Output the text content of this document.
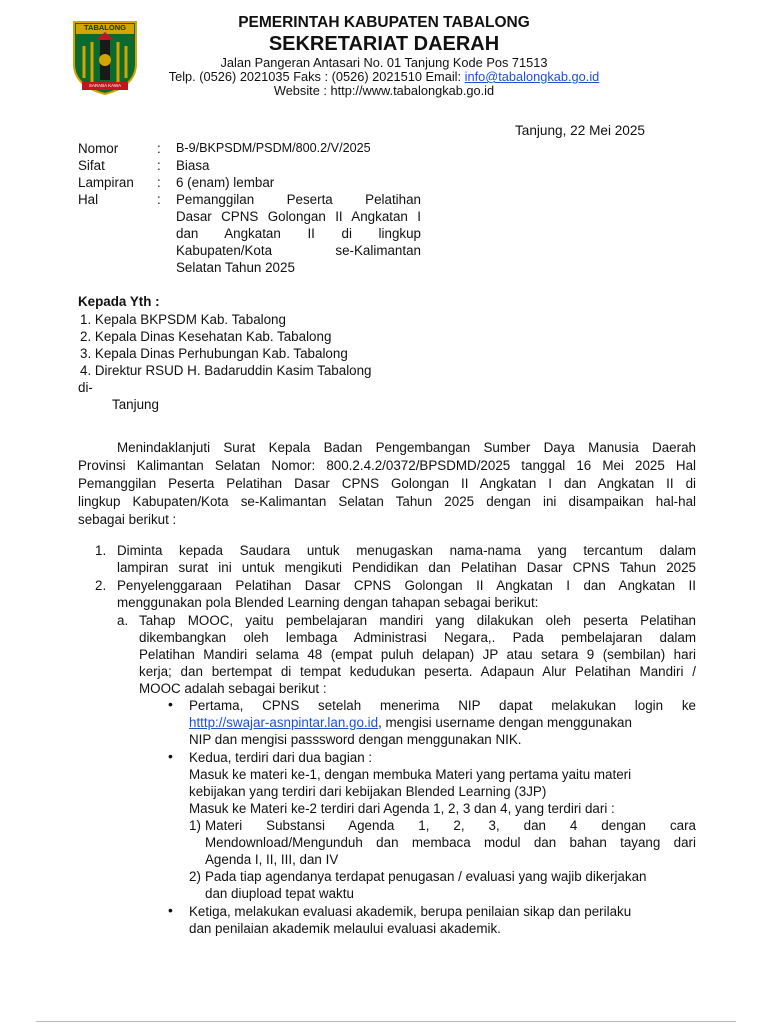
TABALONG
SARABA KAWA
PEMERINTAH KABUPATEN TABALONG
SEKRETARIAT DAERAH
Jalan Pangeran Antasari No. 01 Tanjung Kode Pos 71513
Telp. (0526) 2021035 Faks : (0526) 2021510 Email: info@tabalongkab.go.id
Website : http://www.tabalongkab.go.id
Tanjung, 22 Mei 2025
Nomor	: B-9/BKPSDM/PSDM/800.2/V/2025
Sifat	: Biasa
Lampiran : 6 (enam) lembar
Hal	: Pemanggilan Peserta Pelatihan
Dasar CPNS Golongan II Angkatan I
dan Angkatan II di lingkup
Kabupaten/Kota se-Kalimantan
Selatan Tahun 2025
Kepada Yth :
1. Kepala BKPSDM Kab. Tabalong
2. Kepala Dinas Kesehatan Kab. Tabalong
3. Kepala Dinas Perhubungan Kab. Tabalong
4. Direktur RSUD H. Badaruddin Kasim Tabalong
di-
Tanjung
Menindaklanjuti Surat Kepala Badan Pengembangan Sumber Daya Manusia Daerah
Provinsi Kalimantan Selatan Nomor: 800.2.4.2/0372/BPSDMD/2025 tanggal 16 Mei 2025 Hal
Pemanggilan Peserta Pelatihan Dasar CPNS Golongan II Angkatan I dan Angkatan II di
lingkup Kabupaten/Kota se-Kalimantan Selatan Tahun 2025 dengan ini disampaikan hal-hal
sebagai berikut :
1. Diminta kepada Saudara untuk menugaskan nama-nama yang tercantum dalam
lampiran surat ini untuk mengikuti Pendidikan dan Pelatihan Dasar CPNS Tahun 2025
2. Penyelenggaraan Pelatihan Dasar CPNS Golongan II Angkatan I dan Angkatan II
menggunakan pola Blended Learning dengan tahapan sebagai berikut:
a. Tahap MOOC, yaitu pembelajaran mandiri yang dilakukan oleh peserta Pelatihan
dikembangkan oleh lembaga Administrasi Negara,. Pada pembelajaran dalam
Pelatihan Mandiri selama 48 (empat puluh delapan) JP atau setara 9 (sembilan) hari
kerja; dan bertempat di tempat kedudukan peserta. Adapaun Alur Pelatihan Mandiri /
MOOC adalah sebagai berikut :
• Pertama, CPNS setelah menerima NIP dapat melakukan login ke
htttp://swajar-asnpintar.lan.go.id, mengisi username dengan menggunakan
NIP dan mengisi passsword dengan menggunakan NIK.
• Kedua, terdiri dari dua bagian :
Masuk ke materi ke-1, dengan membuka Materi yang pertama yaitu materi
kebijakan yang terdiri dari kebijakan Blended Learning (3JP)
Masuk ke Materi ke-2 terdiri dari Agenda 1, 2, 3 dan 4, yang terdiri dari :
1) Materi Substansi Agenda 1, 2, 3, dan 4 dengan cara
Mendownload/Mengunduh dan membaca modul dan bahan tayang dari
Agenda I, II, III, dan IV
2) Pada tiap agendanya terdapat penugasan / evaluasi yang wajib dikerjakan
dan diupload tepat waktu
• Ketiga, melakukan evaluasi akademik, berupa penilaian sikap dan perilaku
dan penilaian akademik melaului evaluasi akademik.
